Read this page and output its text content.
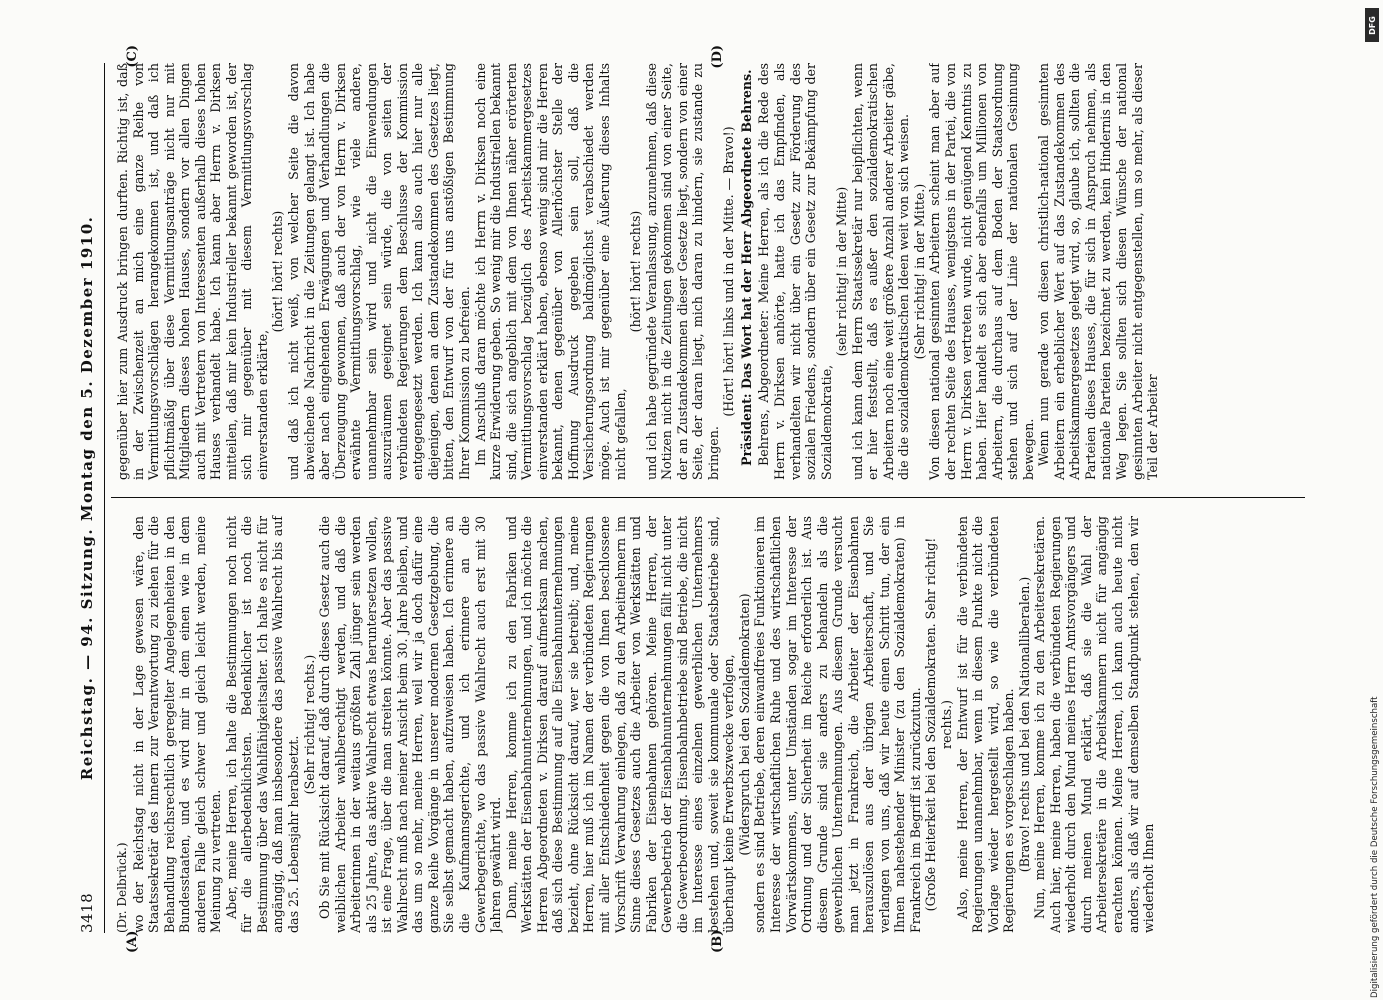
3418
Reichstag. — 94. Sitzung. Montag den 5. Dezember 1910.

(Dr. Delbrück.) wo der Reichstag nicht in der Lage gewesen wäre, den Staatssekretär des Innern zur Verantwortung zu ziehen für die Behandlung reichsrechtlich geregelter Angelegenheiten in den Bundesstaaten, und es wird mir in dem einen wie in dem anderen Falle gleich schwer und gleich leicht werden, meine Meinung zu vertreten. Aber, meine Herren, ich halte die Bestimmungen noch nicht für die allerbedenklichsten. Bedenklicher ist noch die Bestimmung über das Wahlfähigkeitsalter. Ich halte es nicht für angängig, daß man insbesondere das passive Wahlrecht bis auf das 25. Lebensjahr herabsetzt.

(Sehr richtig! rechts.) Ob Sie mit Rücksicht darauf, daß durch dieses Gesetz auch die weiblichen Arbeiter wahlberechtigt werden, und daß die Arbeiterinnen in der weitaus größten Zahl jünger sein werden als 25 Jahre, das aktive Wahlrecht etwas heruntersetzen wollen, ist eine Frage, über die man streiten könnte. Aber das passive Wahlrecht muß nach meiner Ansicht beim 30. Jahre bleiben, und das um so mehr, meine Herren, weil wir ja doch dafür eine ganze Reihe Vorgänge in unserer modernen Gesetzgebung, die Sie selbst gemacht haben, aufzuweisen haben. Ich erinnere an die Kaufmannsgerichte, und ich erinnere an die Gewerbegerichte, wo das passive Wahlrecht auch erst mit 30 Jahren gewährt wird. Dann, meine Herren, komme ich zu den Fabriken und Werkstätten der Eisenbahnunternehmungen, und ich möchte die Herren Abgeordneten v. Dirksen darauf aufmerksam machen, daß sich diese Bestimmung auf alle Eisenbahnunternehmungen bezieht, ohne Rücksicht darauf, wer sie betreibt; und, meine Herren, hier muß ich im Namen der verbündeten Regierungen mit aller Entschiedenheit gegen die von Ihnen beschlossene Vorschrift Verwahrung einlegen, daß zu den Arbeitnehmern im Sinne dieses Gesetzes auch die Arbeiter von Werkstätten und Fabriken der Eisenbahnen gehören. Meine Herren, der Gewerbebetrieb der Eisenbahnunternehmungen fällt nicht unter die Gewerbeordnung. Eisenbahnbetriebe sind Betriebe, die nicht im Interesse eines einzelnen gewerblichen Unternehmers bestehen und, soweit sie kommunale oder Staatsbetriebe sind, überhaupt keine Erwerbszwecke verfolgen, (Widerspruch bei den Sozialdemokraten) sondern es sind Betriebe, deren einwandfreies Funktionieren im Interesse der wirtschaftlichen Ruhe und des wirtschaftlichen Vorwärtskommens, unter Umständen sogar im Interesse der Ordnung und der Sicherheit im Reiche erforderlich ist. Aus diesem Grunde sind sie anders zu behandeln als die gewerblichen Unternehmungen. Aus diesem Grunde versucht man jetzt in Frankreich, die Arbeiter der Eisenbahnen herauszulösen aus der übrigen Arbeiterschaft, und Sie verlangen von uns, daß wir heute einen Schritt tun, der ein Ihnen nahestehender Minister (zu den Sozialdemokraten) in Frankreich im Begriff ist zurückzutun. (Große Heiterkeit bei den Sozialdemokraten. Sehr richtig! rechts.) Also, meine Herren, der Entwurf ist für die verbündeten Regierungen unannehmbar, wenn in diesem Punkte nicht die Vorlage wieder hergestellt wird, so wie die verbündeten Regierungen es vorgeschlagen haben. (Bravo! rechts und bei den Nationalliberalen.) Nun, meine Herren, komme ich zu den Arbeitersekretären. Auch hier, meine Herren, haben die verbündeten Regierungen wiederholt durch den Mund meines Herrn Amtsvorgängers und durch meinen Mund erklärt, daß sie die Wahl der Arbeitersekretäre in die Arbeitskammern nicht für angängig erachten können. Meine Herren, ich kann auch heute nicht anders, als daß wir auf demselben Standpunkt stehen, den wir wiederholt Ihnen

gegenüber hier zum Ausdruck bringen durften. Richtig ist, daß in der Zwischenzeit an mich eine ganze Reihe von Vermittlungsvorschlägen herangekommen ist, und daß ich pflichtmäßig über diese Vermittlungsanträge nicht nur mit Mitgliedern dieses hohen Hauses, sondern vor allen Dingen auch mit Vertretern von Interessenten außerhalb dieses hohen Hauses verhandelt habe. Ich kann aber Herrn v. Dirksen mitteilen, daß mir kein Industrieller bekannt geworden ist, der sich mir gegenüber mit diesem Vermittlungsvorschlag einverstanden erklärte,

(hört! hört! rechts) und daß ich nicht weiß, von welcher Seite die davon abweichende Nachricht in die Zeitungen gelangt ist. Ich habe aber nach eingehenden Erwägungen und Verhandlungen die Überzeugung gewonnen, daß auch der von Herrn v. Dirksen erwähnte Vermittlungsvorschlag, wie viele andere, unannehmbar sein wird und nicht die Einwendungen auszuräumen geeignet sein würde, die von seiten der verbündeten Regierungen dem Beschlusse der Kommission entgegengesetzt werden. Ich kann also auch hier nur alle diejenigen, denen an dem Zustandekommen des Gesetzes liegt, bitten, den Entwurf von der für uns anstößigen Bestimmung Ihrer Kommission zu befreien. Im Anschluß daran möchte ich Herrn v. Dirksen noch eine kurze Erwiderung geben. So wenig mir die Industriellen bekannt sind, die sich angeblich mit dem von Ihnen näher erörterten Vermittlungsvorschlag bezüglich des Arbeitskammergesetzes einverstanden erklärt haben, ebenso wenig sind mir die Herren bekannt, denen gegenüber von Allerhöchster Stelle der Hoffnung Ausdruck gegeben sein soll, daß die Versicherungsordnung baldmöglichst verabschiedet werden möge. Auch ist mir gegenüber eine Äußerung dieses Inhalts nicht gefallen,

(hört! hört! rechts) und ich habe gegründete Veranlassung, anzunehmen, daß diese Notizen nicht in die Zeitungen gekommen sind von einer Seite, der an Zustandekommen dieser Gesetze liegt, sondern von einer Seite, der daran liegt, mich daran zu hindern, sie zustande zu bringen.

(Hört! hört! links und in der Mitte. — Bravo!) Präsident: Das Wort hat der Herr Abgeordnete Behrens. Behrens, Abgeordneter: Meine Herren, als ich die Rede des Herrn v. Dirksen anhörte, hatte ich das Empfinden, als verhandelten wir nicht über ein Gesetz zur Förderung des sozialen Friedens, sondern über ein Gesetz zur Bekämpfung der Sozialdemokratie,

(sehr richtig! in der Mitte) und ich kann dem Herrn Staatssekretär nur beipflichten, wenn er hier feststellt, daß es außer den sozialdemokratischen Arbeitern noch eine weit größere Anzahl anderer Arbeiter gäbe, die die sozialdemokratischen Ideen weit von sich weisen. (Sehr richtig! in der Mitte.) Von diesen national gesinnten Arbeitern scheint man aber auf der rechten Seite des Hauses, wenigstens in der Partei, die von Herrn v. Dirksen vertreten wurde, nicht genügend Kenntnis zu haben. Hier handelt es sich aber ebenfalls um Millionen von Arbeitern, die durchaus auf dem Boden der Staatsordnung stehen und sich auf der Linie der nationalen Gesinnung bewegen. Wenn nun gerade von diesen christlich-national gesinnten Arbeitern ein erheblicher Wert auf das Zustandekommen des Arbeitskammergesetzes gelegt wird, so, glaube ich, sollten die Parteien dieses Hauses, die für sich in Anspruch nehmen, als nationale Parteien bezeichnet zu werden, kein Hindernis in den Weg legen. Sie sollten sich diesen Wünsche der national gesinnten Arbeiter nicht entgegenstellen, um so mehr, als dieser Teil der Arbeiter

(A)	(B)
(C)	(D)
DFG
Digitalisierung gefördert durch die Deutsche Forschungsgemeinschaft
